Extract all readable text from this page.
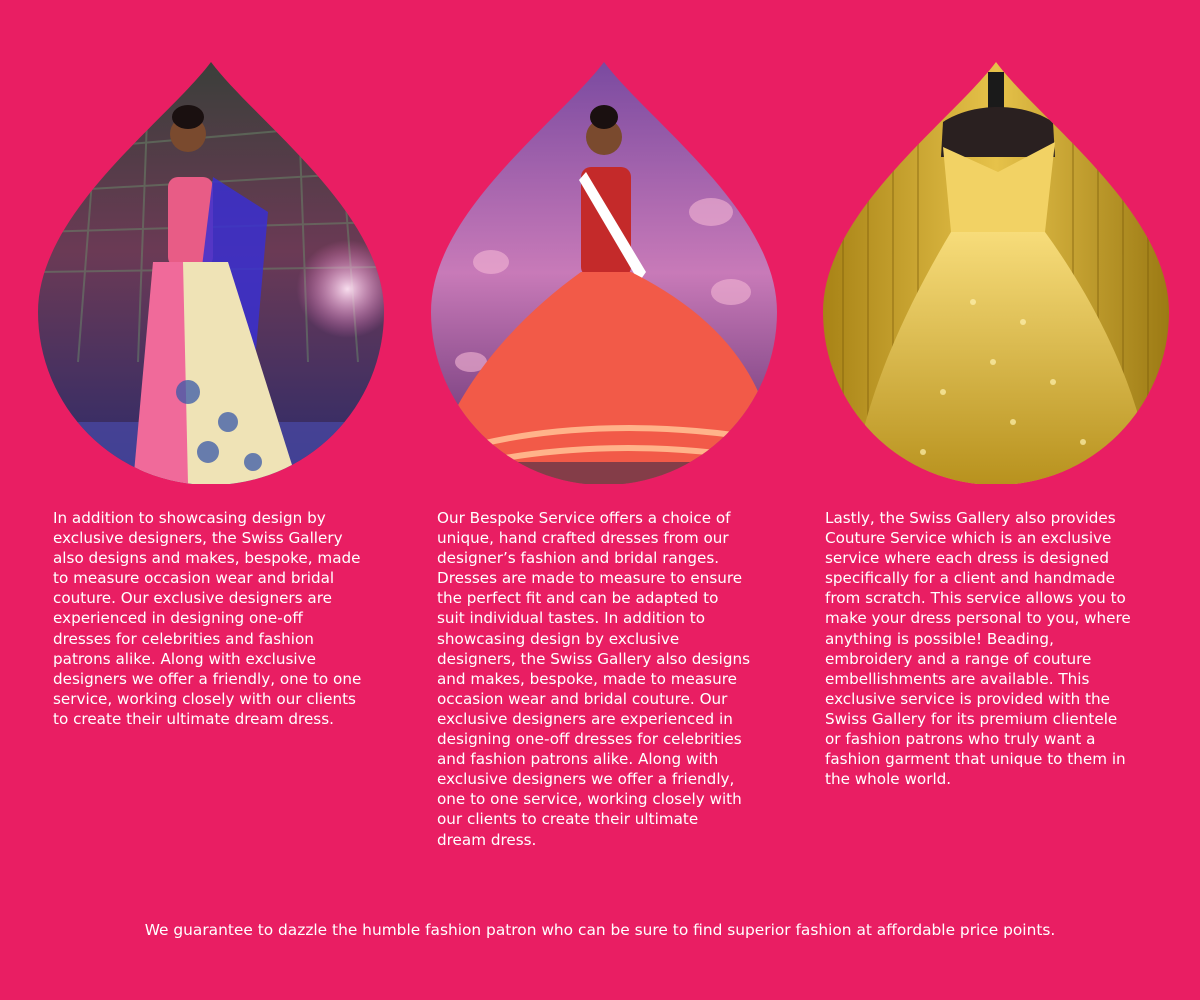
In addition to showcasing design by
exclusive designers, the Swiss Gallery
also designs and makes, bespoke, made
to measure occasion wear and bridal
couture. Our exclusive designers are
experienced in designing one-off
dresses for celebrities and fashion
patrons alike. Along with exclusive
designers we offer a friendly, one to one
service, working closely with our clients
to create their ultimate dream dress.

Our Bespoke Service offers a choice of
unique, hand crafted dresses from our
designer’s fashion and bridal ranges.
Dresses are made to measure to ensure
the perfect fit and can be adapted to
suit individual tastes. In addition to
showcasing design by exclusive
designers, the Swiss Gallery also designs
and makes, bespoke, made to measure
occasion wear and bridal couture. Our
exclusive designers are experienced in
designing one-off dresses for celebrities
and fashion patrons alike. Along with
exclusive designers we offer a friendly,
one to one service, working closely with
our clients to create their ultimate
dream dress.

Lastly, the Swiss Gallery also provides
Couture Service which is an exclusive
service where each dress is designed
specifically for a client and handmade
from scratch. This service allows you to
make your dress personal to you, where
anything is possible! Beading,
embroidery and a range of couture
embellishments are available. This
exclusive service is provided with the
Swiss Gallery for its premium clientele
or fashion patrons who truly want a
fashion garment that unique to them in
the whole world.

We guarantee to dazzle the humble fashion patron who can be sure to find superior fashion at affordable price points.
